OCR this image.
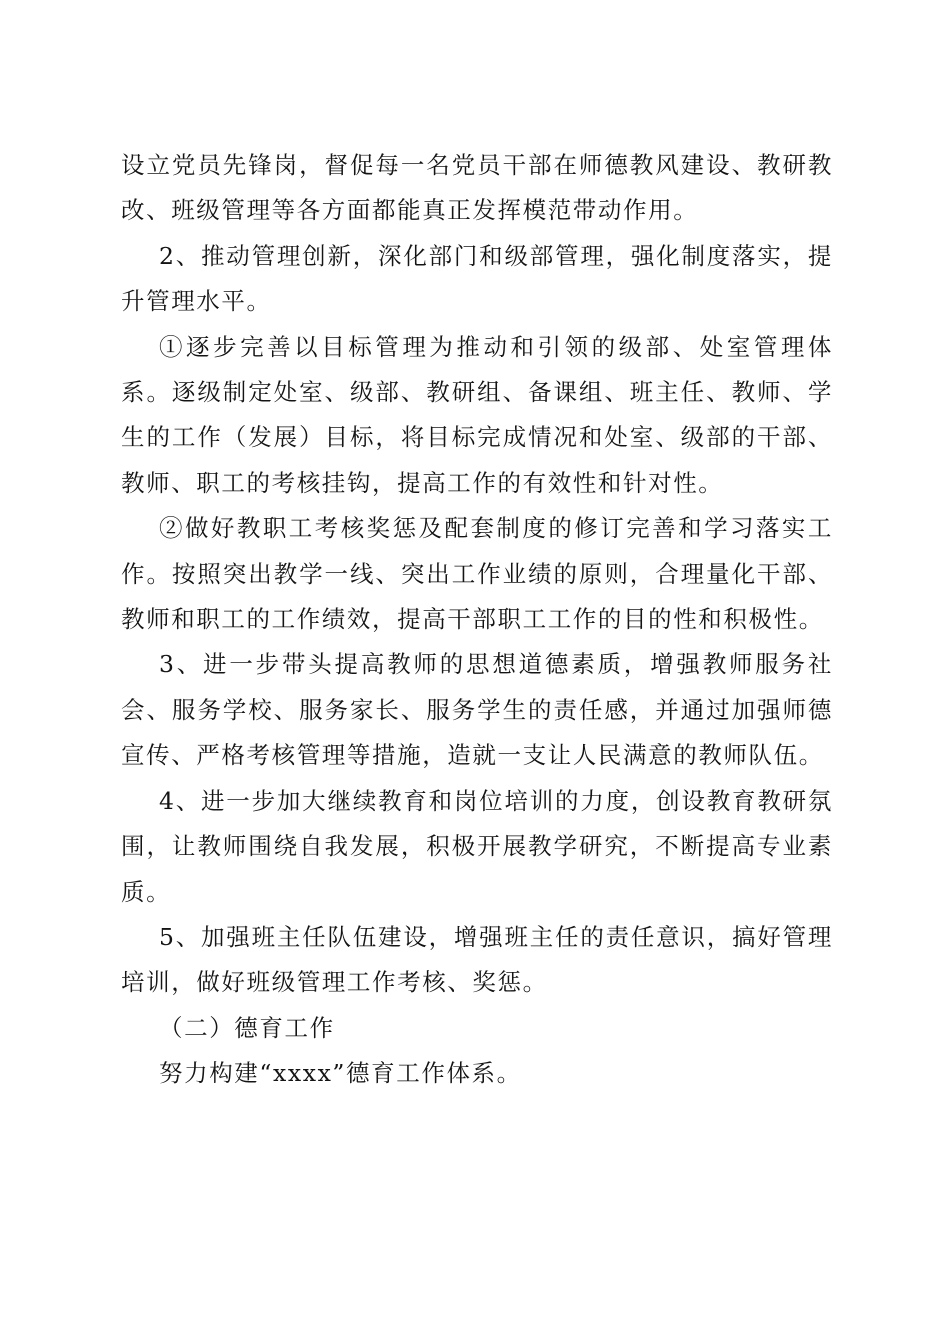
设立党员先锋岗，督促每一名党员干部在师德教风建设、教研教改、班级管理等各方面都能真正发挥模范带动作用。

2、推动管理创新，深化部门和级部管理，强化制度落实，提升管理水平。

①逐步完善以目标管理为推动和引领的级部、处室管理体系。逐级制定处室、级部、教研组、备课组、班主任、教师、学生的工作（发展）目标，将目标完成情况和处室、级部的干部、教师、职工的考核挂钩，提高工作的有效性和针对性。

②做好教职工考核奖惩及配套制度的修订完善和学习落实工作。按照突出教学一线、突出工作业绩的原则，合理量化干部、教师和职工的工作绩效，提高干部职工工作的目的性和积极性。

3、进一步带头提高教师的思想道德素质，增强教师服务社会、服务学校、服务家长、服务学生的责任感，并通过加强师德宣传、严格考核管理等措施，造就一支让人民满意的教师队伍。

4、进一步加大继续教育和岗位培训的力度，创设教育教研氛围，让教师围绕自我发展，积极开展教学研究，不断提高专业素质。

5、加强班主任队伍建设，增强班主任的责任意识，搞好管理培训，做好班级管理工作考核、奖惩。

（二）德育工作

努力构建“xxxx”德育工作体系。
